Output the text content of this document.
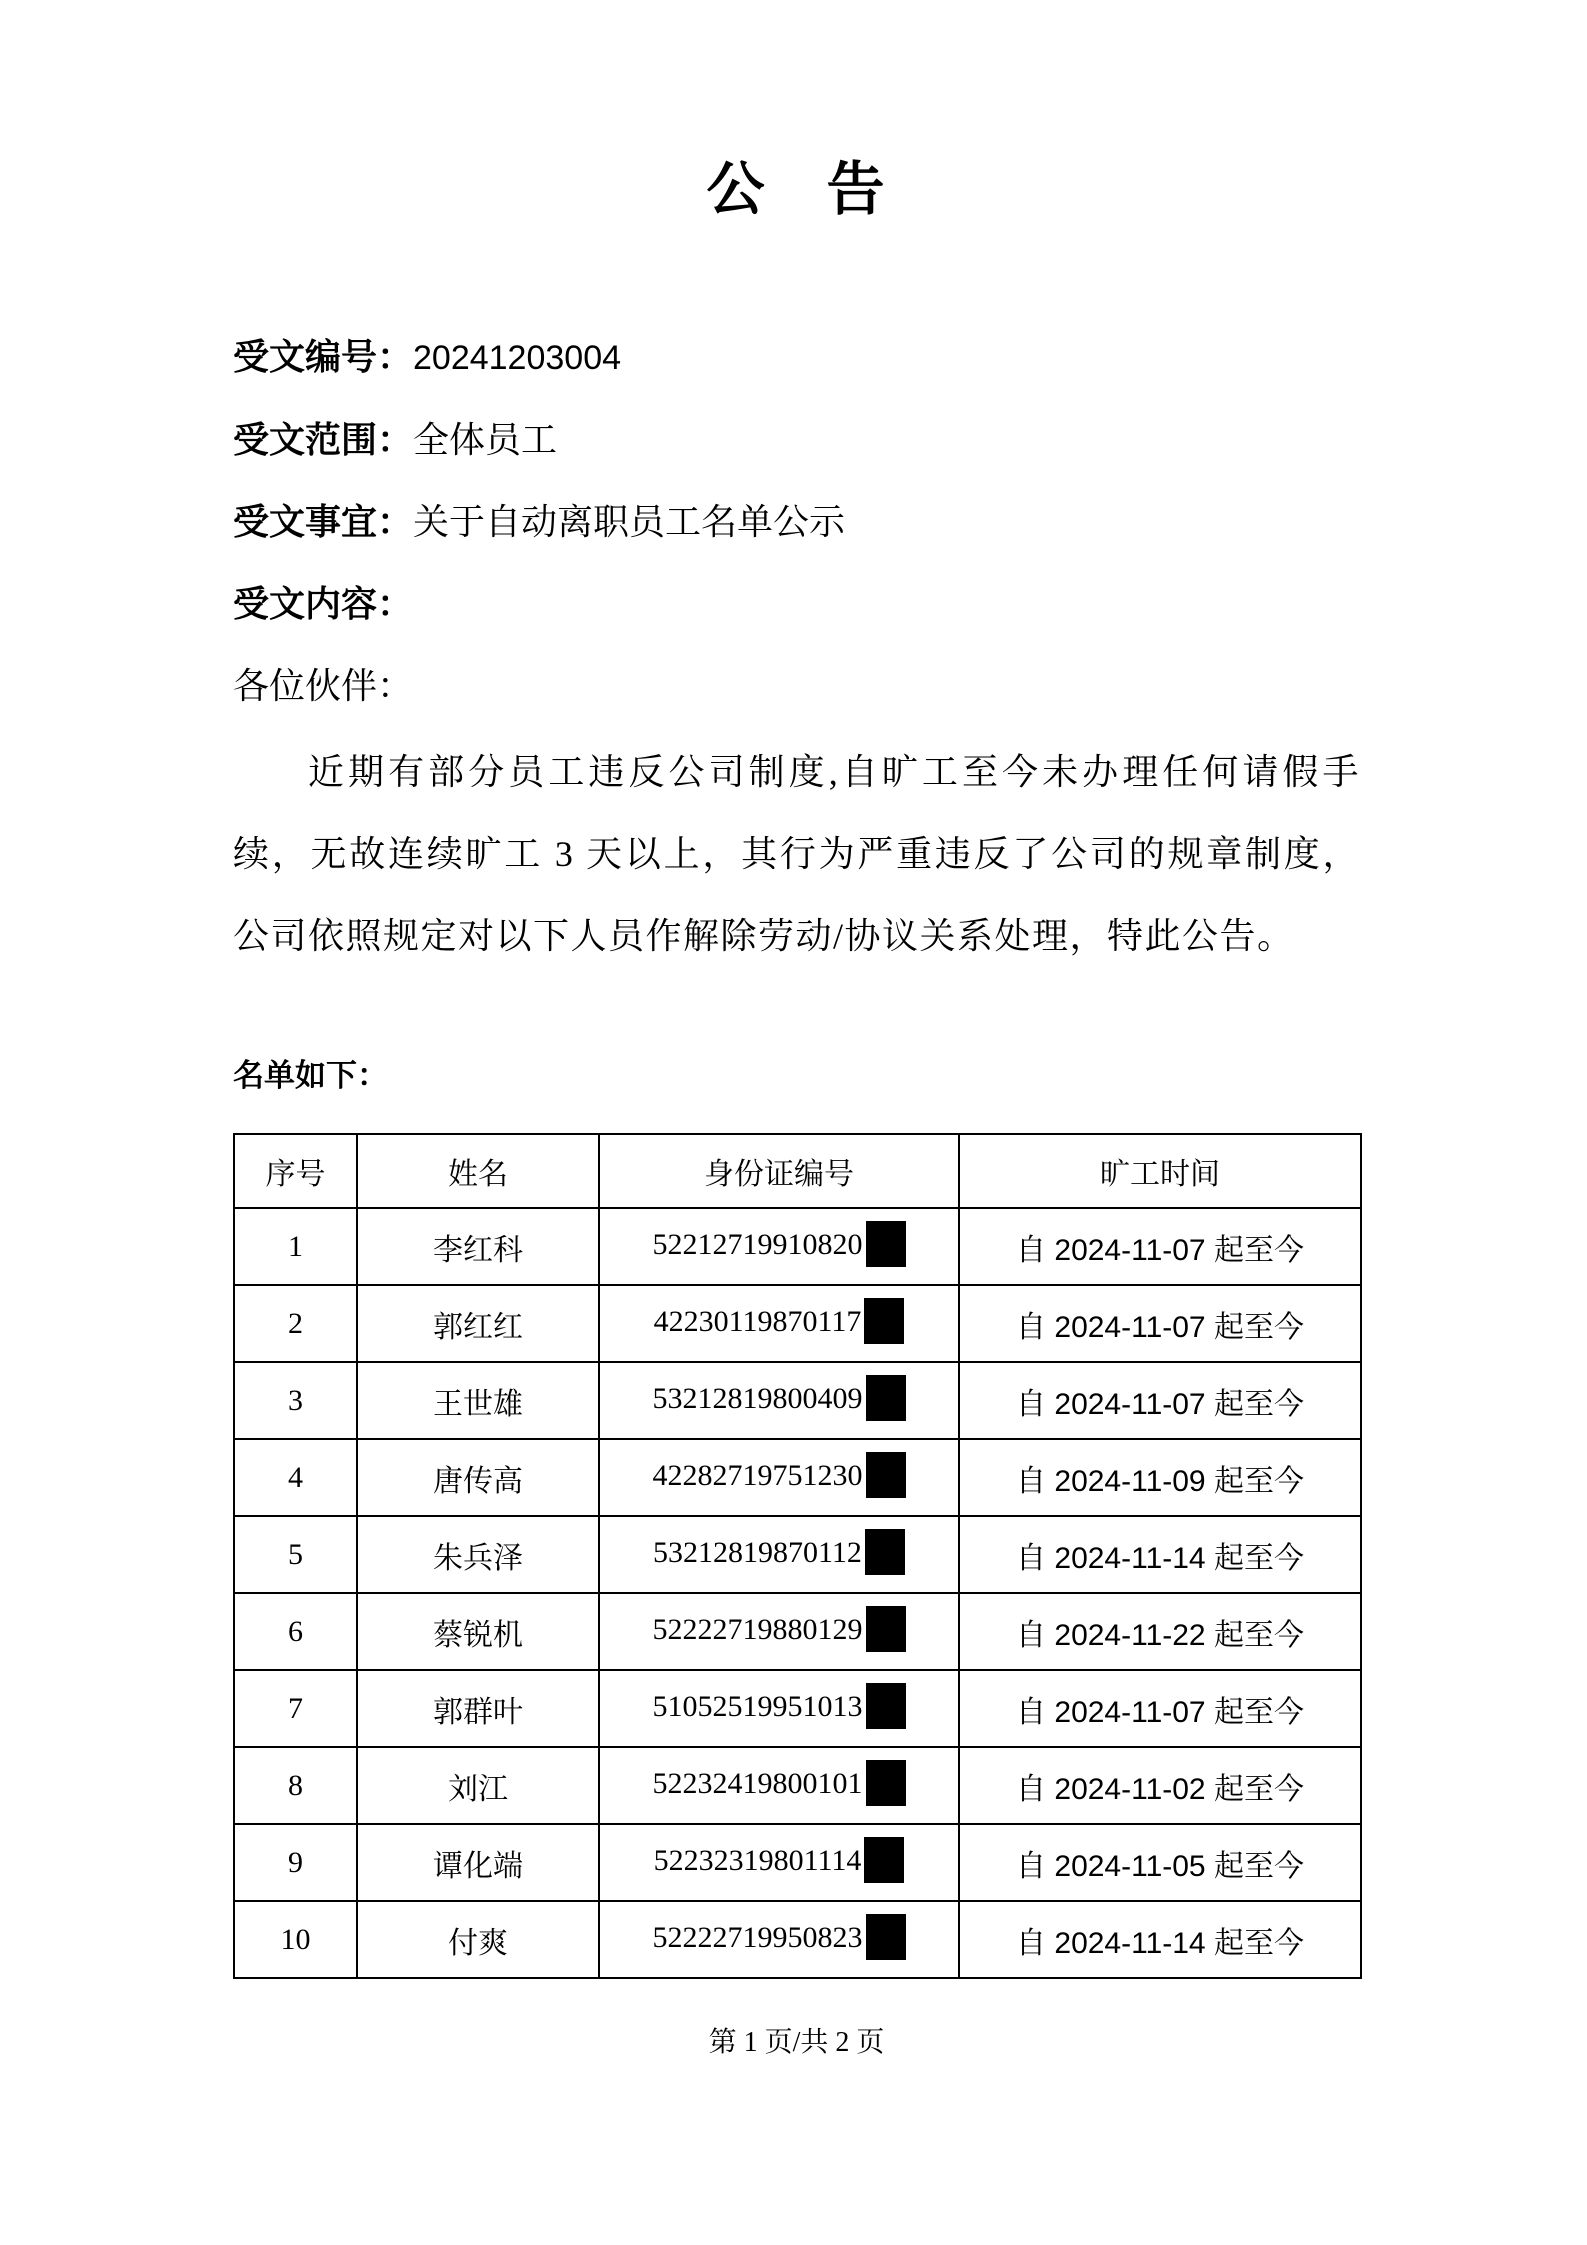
公　告

受文编号：20241203004

受文范围：全体员工

受文事宜：关于自动离职员工名单公示

受文内容：

各位伙伴：

近期有部分员工违反公司制度,自旷工至今未办理任何请假手续，无故连续旷工 3 天以上，其行为严重违反了公司的规章制度，公司依照规定对以下人员作解除劳动/协议关系处理，特此公告。

名单如下：

序号	姓名	身份证编号	旷工时间
1	李红科	52212719910820	自 2024-11-07 起至今
2	郭红红	42230119870117	自 2024-11-07 起至今
3	王世雄	53212819800409	自 2024-11-07 起至今
4	唐传高	42282719751230	自 2024-11-09 起至今
5	朱兵泽	53212819870112	自 2024-11-14 起至今
6	蔡锐机	52222719880129	自 2024-11-22 起至今
7	郭群叶	51052519951013	自 2024-11-07 起至今
8	刘江	52232419800101	自 2024-11-02 起至今
9	谭化端	52232319801114	自 2024-11-05 起至今
10	付爽	52222719950823	自 2024-11-14 起至今

第 1 页/共 2 页
